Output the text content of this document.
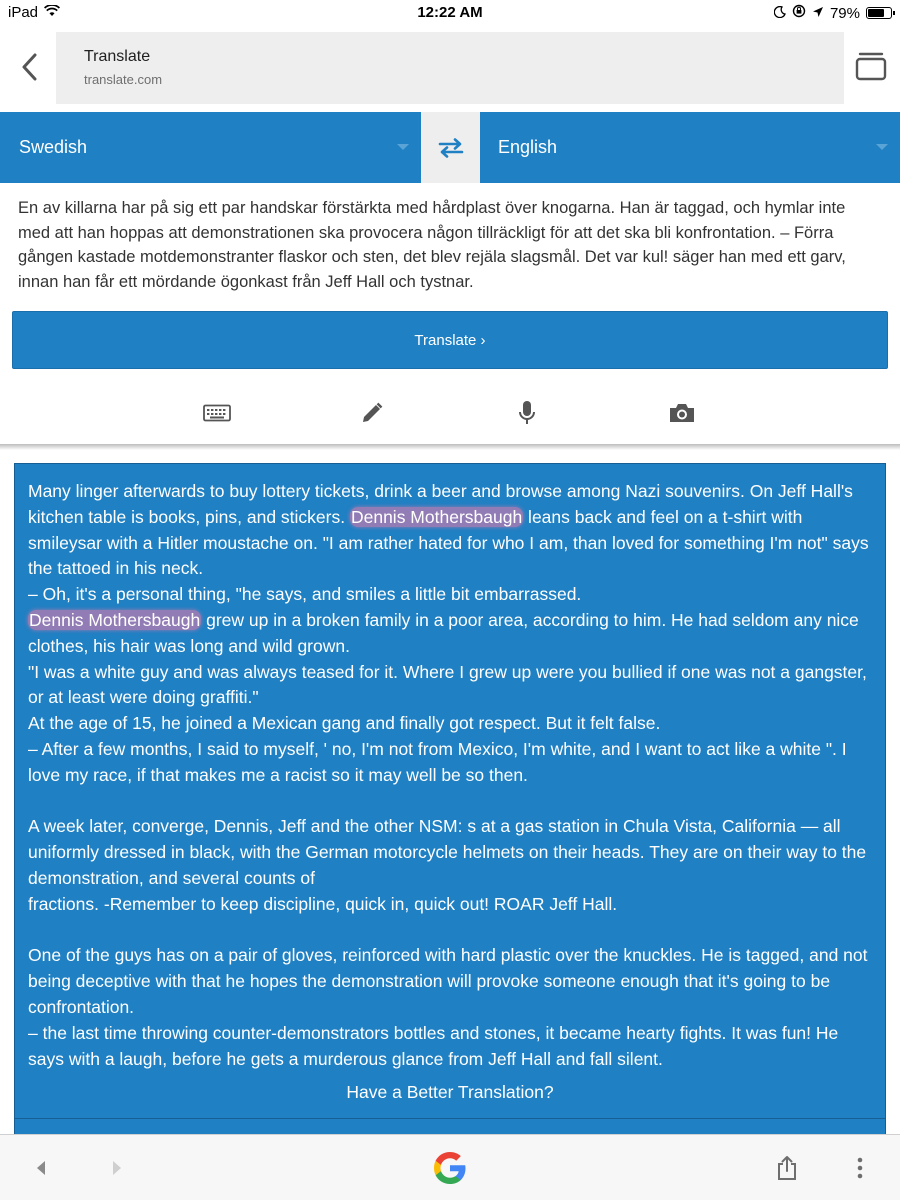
iPad	12:22 AM	79%
Translate
translate.com
Swedish	English
En av killarna har på sig ett par handskar förstärkta med hårdplast över knogarna. Han är taggad, och hymlar inte med att han hoppas att demonstrationen ska provocera någon tillräckligt för att det ska bli konfrontation. – Förra gången kastade motdemonstranter flaskor och sten, det blev rejäla slagsmål. Det var kul! säger han med ett garv, innan han får ett mördande ögonkast från Jeff Hall och tystnar.
Translate ›

Many linger afterwards to buy lottery tickets, drink a beer and browse among Nazi souvenirs. On Jeff Hall's kitchen table is books, pins, and stickers. Dennis Mothersbaugh leans back and feel on a t-shirt with smileysar with a Hitler moustache on. "I am rather hated for who I am, than loved for something I'm not" says the tattoed in his neck.

– Oh, it's a personal thing, "he says, and smiles a little bit embarrassed.

Dennis Mothersbaugh grew up in a broken family in a poor area, according to him. He had seldom any nice clothes, his hair was long and wild grown.

"I was a white guy and was always teased for it. Where I grew up were you bullied if one was not a gangster, or at least were doing graffiti."

At the age of 15, he joined a Mexican gang and finally got respect. But it felt false.

– After a few months, I said to myself, ' no, I'm not from Mexico, I'm white, and I want to act like a white ". I love my race, if that makes me a racist so it may well be so then.

A week later, converge, Dennis, Jeff and the other NSM: s at a gas station in Chula Vista, California — all uniformly dressed in black, with the German motorcycle helmets on their heads. They are on their way to the demonstration, and several counts of

fractions. -Remember to keep discipline, quick in, quick out! ROAR Jeff Hall.

One of the guys has on a pair of gloves, reinforced with hard plastic over the knuckles. He is tagged, and not being deceptive with that he hopes the demonstration will provoke someone enough that it's going to be confrontation.

– the last time throwing counter-demonstrators bottles and stones, it became hearty fights. It was fun! He says with a laugh, before he gets a murderous glance from Jeff Hall and fall silent.

Have a Better Translation?
